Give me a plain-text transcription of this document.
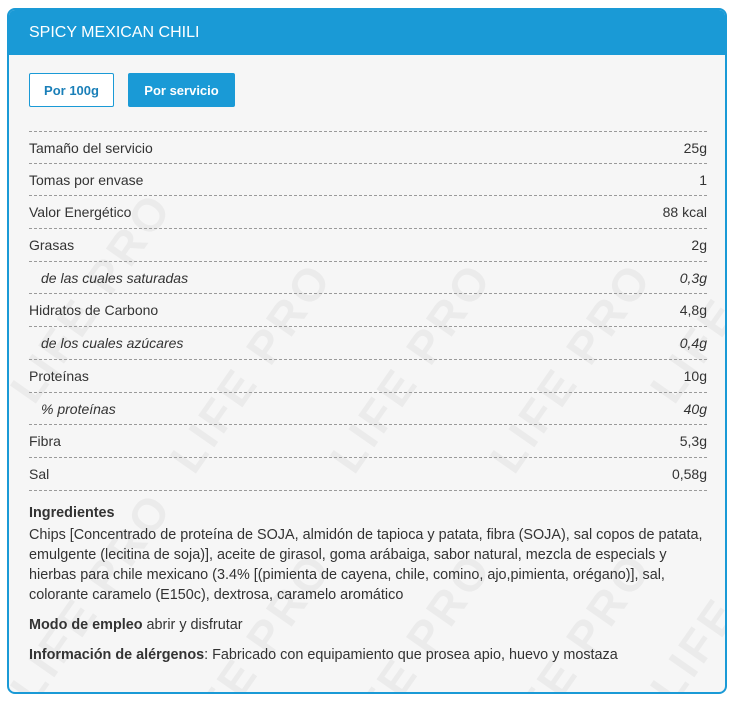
SPICY MEXICAN CHILI
Por 100g	Por servicio
Tamaño del servicio	25g
Tomas por envase	1
Valor Energético	88 kcal
Grasas	2g
de las cuales saturadas	0,3g
Hidratos de Carbono	4,8g
de los cuales azúcares	0,4g
Proteínas	10g
% proteínas	40g
Fibra	5,3g
Sal	0,58g
Ingredientes
Chips [Concentrado de proteína de SOJA, almidón de tapioca y patata, fibra (SOJA), sal copos de patata, emulgente (lecitina de soja)], aceite de girasol, goma arábaiga, sabor natural, mezcla de especials y hierbas para chile mexicano (3.4% [(pimienta de cayena, chile, comino, ajo,pimienta, orégano)], sal, colorante caramelo (E150c), dextrosa, caramelo aromático
Modo de empleo abrir y disfrutar
Información de alérgenos: Fabricado con equipamiento que prosea apio, huevo y mostaza
